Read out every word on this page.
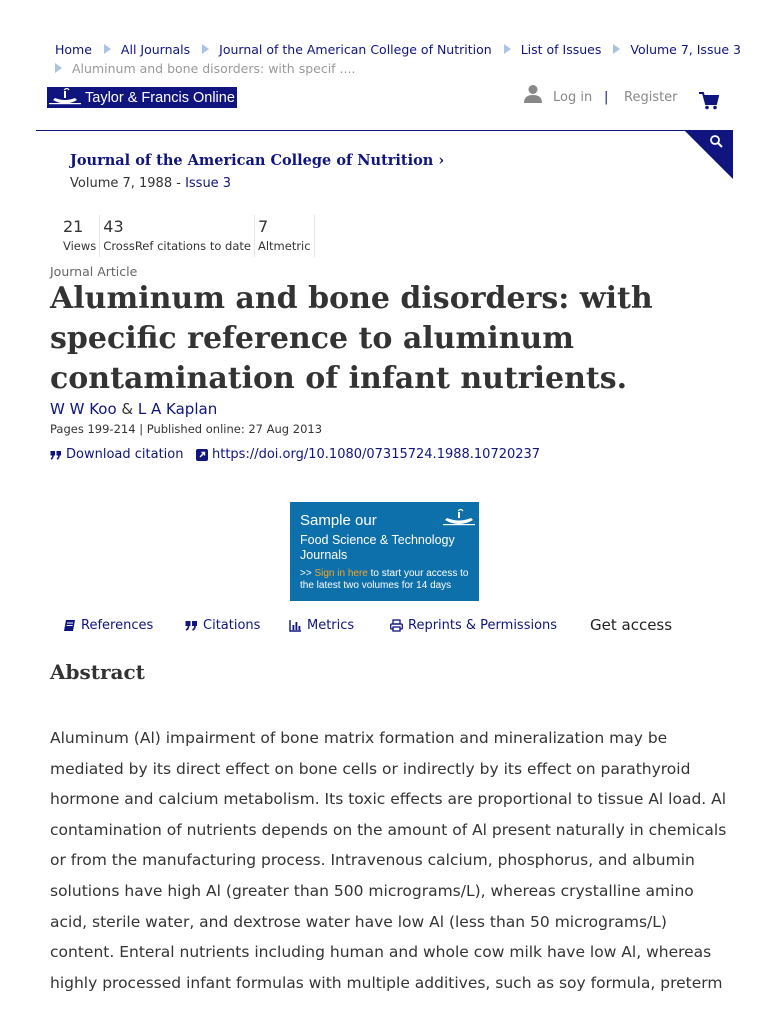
Home All Journals Journal of the American College of Nutrition List of Issues Volume 7, Issue 3
Aluminum and bone disorders: with specif ....
Taylor & Francis Online	Log in | Register
Journal of the American College of Nutrition ›
Volume 7, 1988 - Issue 3
21
Views
43
CrossRef citations to date
7
Altmetric
Journal Article
Aluminum and bone disorders: with specific reference to aluminum contamination of infant nutrients.
W W Koo & L A Kaplan
Pages 199-214 | Published online: 27 Aug 2013
Download citation https://doi.org/10.1080/07315724.1988.10720237
Sample our
Food Science & Technology Journals
>> Sign in here to start your access to the latest two volumes for 14 days
References	Citations	Metrics	Reprints & Permissions Get access
Abstract

Aluminum (Al) impairment of bone matrix formation and mineralization may be mediated by its direct effect on bone cells or indirectly by its effect on parathyroid hormone and calcium metabolism. Its toxic effects are proportional to tissue Al load. Al contamination of nutrients depends on the amount of Al present naturally in chemicals or from the manufacturing process. Intravenous calcium, phosphorus, and albumin solutions have high Al (greater than 500 micrograms/L), whereas crystalline amino acid, sterile water, and dextrose water have low Al (less than 50 micrograms/L) content. Enteral nutrients including human and whole cow milk have low Al, whereas highly processed infant formulas with multiple additives, such as soy formula, preterm
